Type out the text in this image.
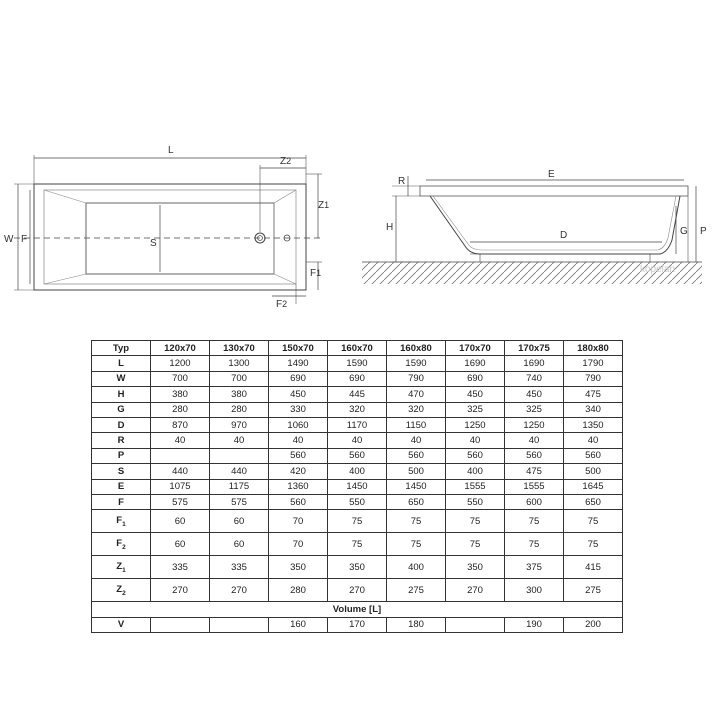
L
Z2
W F	S
Z1
F1
F2
E
D
R
H	G P
kopelan
Typ	120x70	130x70	150x70	160x70	160x80	170x70	170x75	180x80
L	1200	1300	1490	1590	1590	1690	1690	1790
W	700	700	690	690	790	690	740	790
H	380	380	450	445	470	450	450	475
G	280	280	330	320	320	325	325	340
D	870	970	1060	1170	1150	1250	1250	1350
R	40	40	40	40	40	40	40	40
P			560	560	560	560	560	560
S	440	440	420	400	500	400	475	500
E	1075	1175	1360	1450	1450	1555	1555	1645
F	575	575	560	550	650	550	600	650
$F_1$	60	60	70	75	75	75	75	75
$F_2$	60	60	70	75	75	75	75	75
$Z_1$	335	335	350	350	400	350	375	415
$Z_2$	270	270	280	270	275	270	300	275
Volume [L]								
V			160	170	180		190	200
